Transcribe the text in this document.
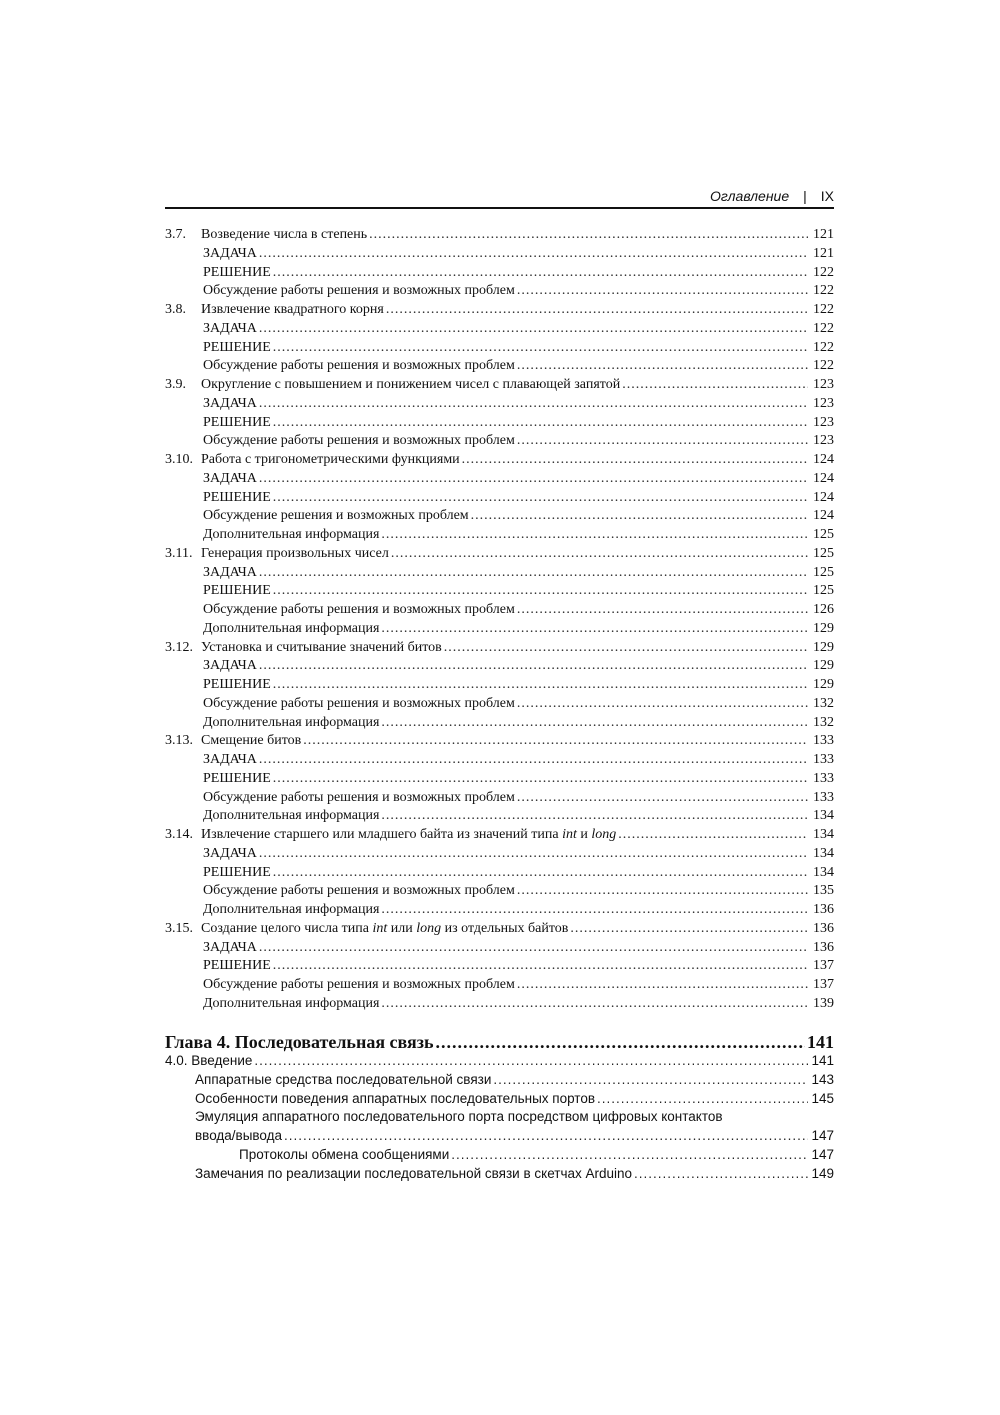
Оглавление | IX
3.7.	Возведение числа в степень .....	121
ЗАДАЧА .....	121
РЕШЕНИЕ .....	122
Обсуждение работы решения и возможных проблем .....	122
3.8.	Извлечение квадратного корня .....	122
ЗАДАЧА .....	122
РЕШЕНИЕ .....	122
Обсуждение работы решения и возможных проблем .....	122
3.9.	Округление с повышением и понижением чисел с плавающей запятой .....	123
ЗАДАЧА .....	123
РЕШЕНИЕ .....	123
Обсуждение работы решения и возможных проблем .....	123
3.10. Работа с тригонометрическими функциями .....	124
ЗАДАЧА .....	124
РЕШЕНИЕ .....	124
Обсуждение решения и возможных проблем .....	124
Дополнительная информация .....	125
3.11. Генерация произвольных чисел .....	125
ЗАДАЧА .....	125
РЕШЕНИЕ .....	125
Обсуждение работы решения и возможных проблем .....	126
Дополнительная информация .....	129
3.12. Установка и считывание значений битов .....	129
ЗАДАЧА .....	129
РЕШЕНИЕ .....	129
Обсуждение работы решения и возможных проблем .....	132
Дополнительная информация .....	132
3.13. Смещение битов .....	133
ЗАДАЧА .....	133
РЕШЕНИЕ .....	133
Обсуждение работы решения и возможных проблем .....	133
Дополнительная информация .....	134
3.14. Извлечение старшего или младшего байта из значений типа int и long .....	134
ЗАДАЧА .....	134
РЕШЕНИЕ .....	134
Обсуждение работы решения и возможных проблем .....	135
Дополнительная информация .....	136
3.15. Создание целого числа типа int или long из отдельных байтов .....	136
ЗАДАЧА .....	136
РЕШЕНИЕ .....	137
Обсуждение работы решения и возможных проблем .....	137
Дополнительная информация .....	139
Глава 4. Последовательная связь .....	141
4.0. Введение .....	141
Аппаратные средства последовательной связи .....	143
Особенности поведения аппаратных последовательных портов .....	145
Эмуляция аппаратного последовательного порта посредством цифровых контактов
ввода/вывода .....	147
Протоколы обмена сообщениями .....	147
Замечания по реализации последовательной связи в скетчах Arduino .....	149
